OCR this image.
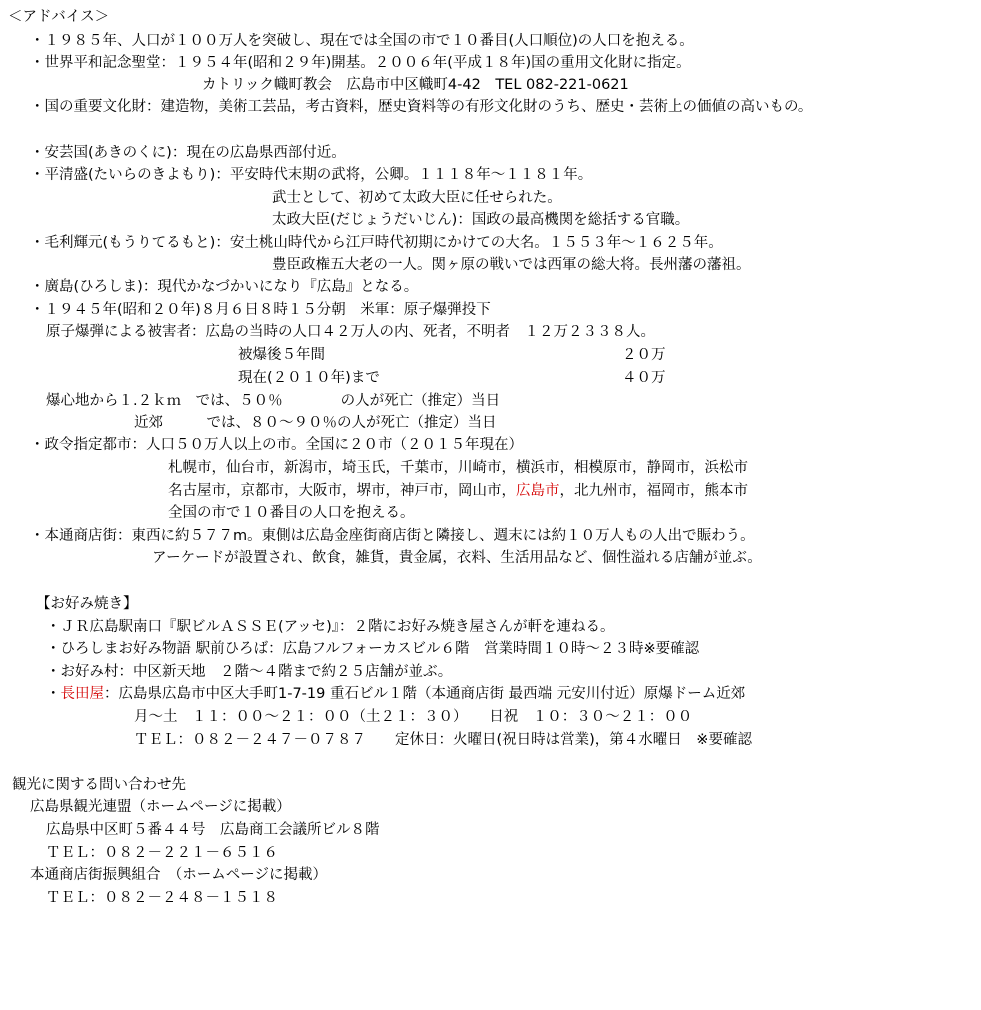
＜アドバイス＞
・１９８５年、人口が１００万人を突破し、現在では全国の市で１０番目(人口順位)の人口を抱える。
・世界平和記念聖堂：１９５４年(昭和２９年)開基。２００６年(平成１８年)国の重用文化財に指定。
カトリック幟町教会　広島市中区幟町4-42　TEL 082-221-0621
・国の重要文化財：建造物，美術工芸品，考古資料，歴史資料等の有形文化財のうち、歴史・芸術上の価値の高いもの。
・安芸国(あきのくに)：現在の広島県西部付近。
・平清盛(たいらのきよもり)：平安時代末期の武将，公卿。１１１８年～１１８１年。
武士として、初めて太政大臣に任せられた。
太政大臣(だじょうだいじん)：国政の最高機関を総括する官職。
・毛利輝元(もうりてるもと)：安土桃山時代から江戸時代初期にかけての大名。１５５３年～１６２５年。
豊臣政権五大老の一人。関ヶ原の戦いでは西軍の総大将。長州藩の藩祖。
・廣島(ひろしま)：現代かなづかいになり『広島』となる。
・１９４５年(昭和２０年)８月６日８時１５分朝　米軍：原子爆弾投下
原子爆弾による被害者：広島の当時の人口４２万人の内、死者，不明者　１２万２３３８人。
被爆後５年間	２０万
現在(２０１０年)まで	４０万
爆心地から１.２ｋｍ　では、５０％　　　　の人が死亡（推定）当日
近郊　　　では、８０～９０％の人が死亡（推定）当日
・政令指定都市：人口５０万人以上の市。全国に２０市（２０１５年現在）
札幌市，仙台市，新潟市，埼玉氏，千葉市，川崎市，横浜市，相模原市，静岡市，浜松市
名古屋市，京都市，大阪市，堺市，神戸市，岡山市，広島市，北九州市，福岡市，熊本市
全国の市で１０番目の人口を抱える。
・本通商店街：東西に約５７７m。東側は広島金座街商店街と隣接し、週末には約１０万人もの人出で賑わう。
アーケードが設置され、飲食，雑貨，貴金属，衣料、生活用品など、個性溢れる店舗が並ぶ。
【お好み焼き】
・ＪＲ広島駅南口『駅ビルＡＳＳＥ(アッセ)』：２階にお好み焼き屋さんが軒を連ねる。
・ひろしまお好み物語 駅前ひろば：広島フルフォーカスビル６階　営業時間１０時～２３時※要確認
・お好み村：中区新天地　２階～４階まで約２５店舗が並ぶ。
・長田屋：広島県広島市中区大手町1-7-19 重石ビル１階（本通商店街 最西端 元安川付近）原爆ドーム近郊
月～土　１１：００～２１：００（土２１：３０）　　日祝　１０：３０～２１：００
ＴＥＬ：０８２－２４７－０７８７　　定休日：火曜日(祝日時は営業)，第４水曜日　※要確認
観光に関する問い合わせ先
広島県観光連盟（ホームページに掲載）
広島県中区町５番４４号　広島商工会議所ビル８階
ＴＥＬ：０８２－２２１－６５１６
本通商店街振興組合　（ホームページに掲載）
ＴＥＬ：０８２－２４８－１５１８
